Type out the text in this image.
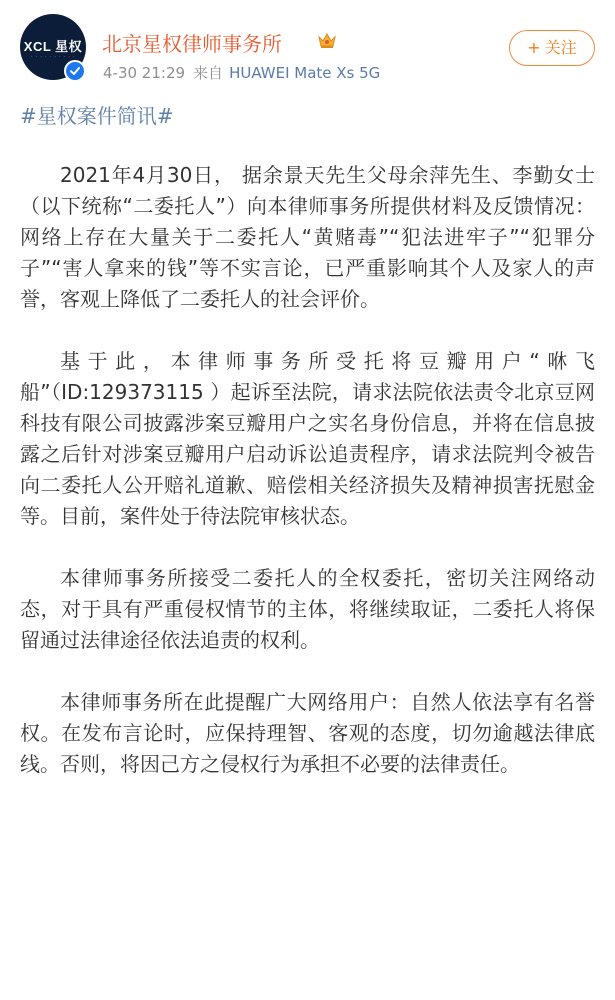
XCL 星权
· · · · · · · · · ·
北京星权律师事务所
4-30 21:29 来自 HUAWEI Mate Xs 5G
+ 关注
#星权案件简讯#

2021年4月30日， 据余景天先生父母余萍先生、李勤女士（以下统称“二委托人”）向本律师事务所提供材料及反馈情况：网络上存在大量关于二委托人“黄赌毒”“犯法进牢子”“犯罪分子”“害人拿来的钱”等不实言论，已严重影响其个人及家人的声誉，客观上降低了二委托人的社会评价。

基于此，本律师事务所受托将豆瓣用户“咻飞船”（ID:129373115 ）起诉至法院，请求法院依法责令北京豆网科技有限公司披露涉案豆瓣用户之实名身份信息，并将在信息披露之后针对涉案豆瓣用户启动诉讼追责程序，请求法院判令被告向二委托人公开赔礼道歉、赔偿相关经济损失及精神损害抚慰金等。目前，案件处于待法院审核状态。

本律师事务所接受二委托人的全权委托，密切关注网络动态，对于具有严重侵权情节的主体，将继续取证，二委托人将保留通过法律途径依法追责的权利。

本律师事务所在此提醒广大网络用户：自然人依法享有名誉权。在发布言论时，应保持理智、客观的态度，切勿逾越法律底线。否则，将因己方之侵权行为承担不必要的法律责任。
